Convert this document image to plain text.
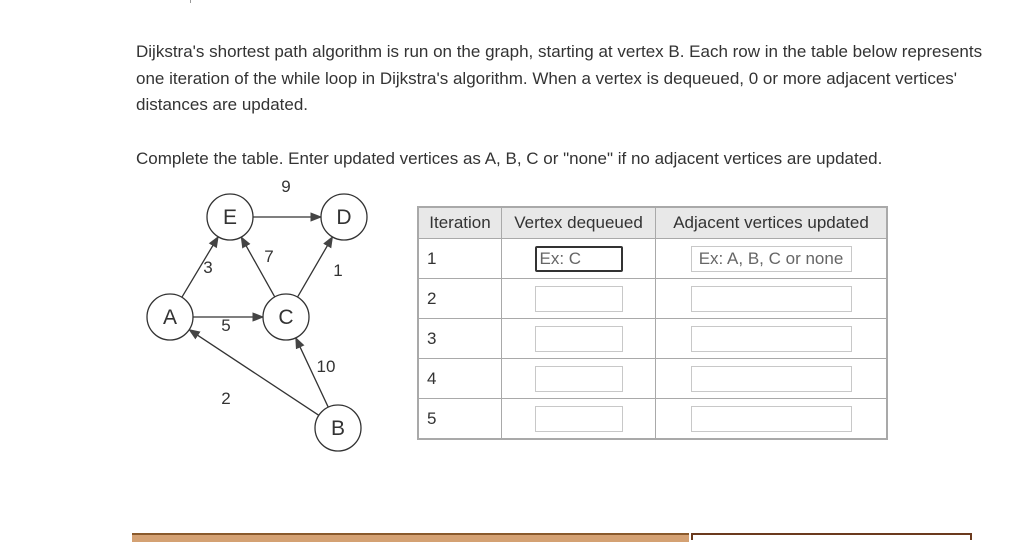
Dijkstra's shortest path algorithm is run on the graph, starting at vertex B. Each row in the table below represents one iteration of the while loop in Dijkstra's algorithm. When a vertex is dequeued, 0 or more adjacent vertices' distances are updated.

Complete the table. Enter updated vertices as A, B, C or "none" if no adjacent vertices are updated.

9
3
7
1
5
10
2
E	D
A	C
B
Iteration	Vertex dequeued	Adjacent vertices updated
1	Ex: C	Ex: A, B, C or none
2		
3		
4		
5		
